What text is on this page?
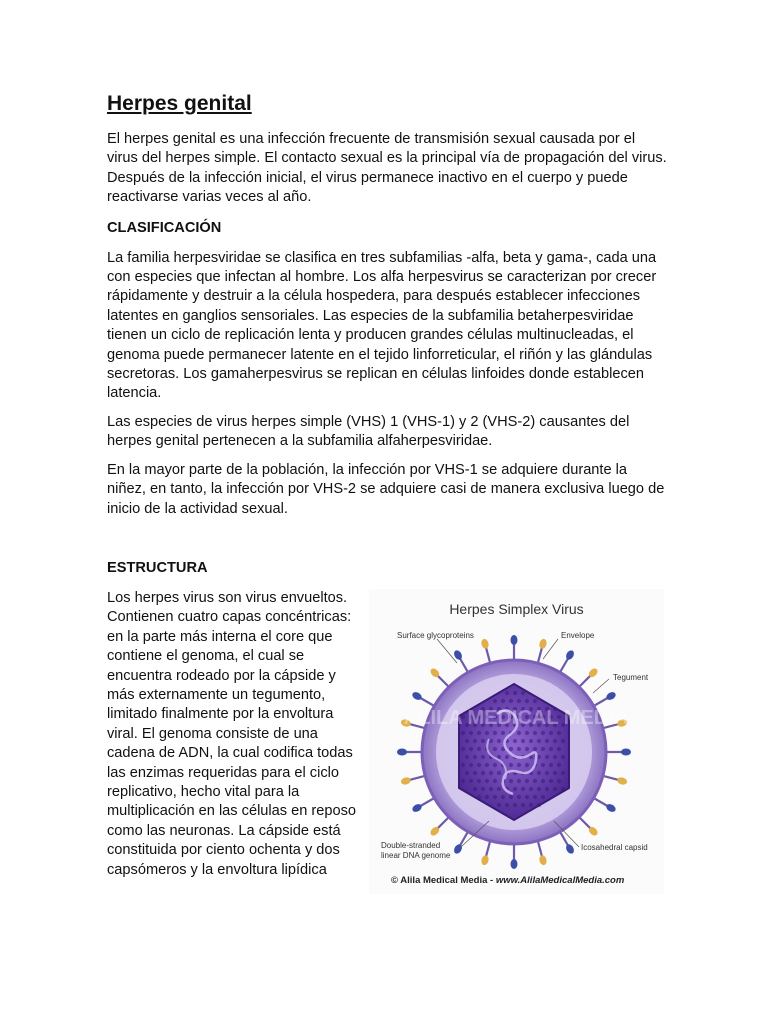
Herpes genital

El herpes genital es una infección frecuente de transmisión sexual causada por el virus del herpes simple. El contacto sexual es la principal vía de propagación del virus. Después de la infección inicial, el virus permanece inactivo en el cuerpo y puede reactivarse varias veces al año.

CLASIFICACIÓN

La familia herpesviridae se clasifica en tres subfamilias -alfa, beta y gama-, cada una con especies que infectan al hombre. Los alfa herpesvirus se caracterizan por crecer rápidamente y destruir a la célula hospedera, para después establecer infecciones latentes en ganglios sensoriales. Las especies de la subfamilia betaherpesviridae tienen un ciclo de replicación lenta y producen grandes células multinucleadas, el genoma puede permanecer latente en el tejido linforreticular, el riñón y las glándulas secretoras. Los gamaherpesvirus se replican en células linfoides donde establecen latencia.

Las especies de virus herpes simple (VHS) 1 (VHS-1) y 2 (VHS-2) causantes del herpes genital pertenecen a la subfamilia alfaherpesviridae.

En la mayor parte de la población, la infección por VHS-1 se adquiere durante la niñez, en tanto, la infección por VHS-2 se adquiere casi de manera exclusiva luego de inicio de la actividad sexual.

ESTRUCTURA

Los herpes virus son virus envueltos. Contienen cuatro capas concéntricas: en la parte más interna el core que contiene el genoma, el cual se encuentra rodeado por la cápside y más externamente un tegumento, limitado finalmente por la envoltura viral. El genoma consiste de una cadena de ADN, la cual codifica todas las enzimas requeridas para el ciclo replicativo, hecho vital para la multiplicación en las células en reposo como las neuronas. La cápside está constituida por ciento ochenta y dos capsómeros y la envoltura lipídica

ALILA MEDICAL MEDIA
Herpes Simplex Virus
Surface glycoproteins	Envelope
Tegument
Double-stranded
linear DNA genome
Icosahedral capsid
© Alila Medical Media - www.AlilaMedicalMedia.com
